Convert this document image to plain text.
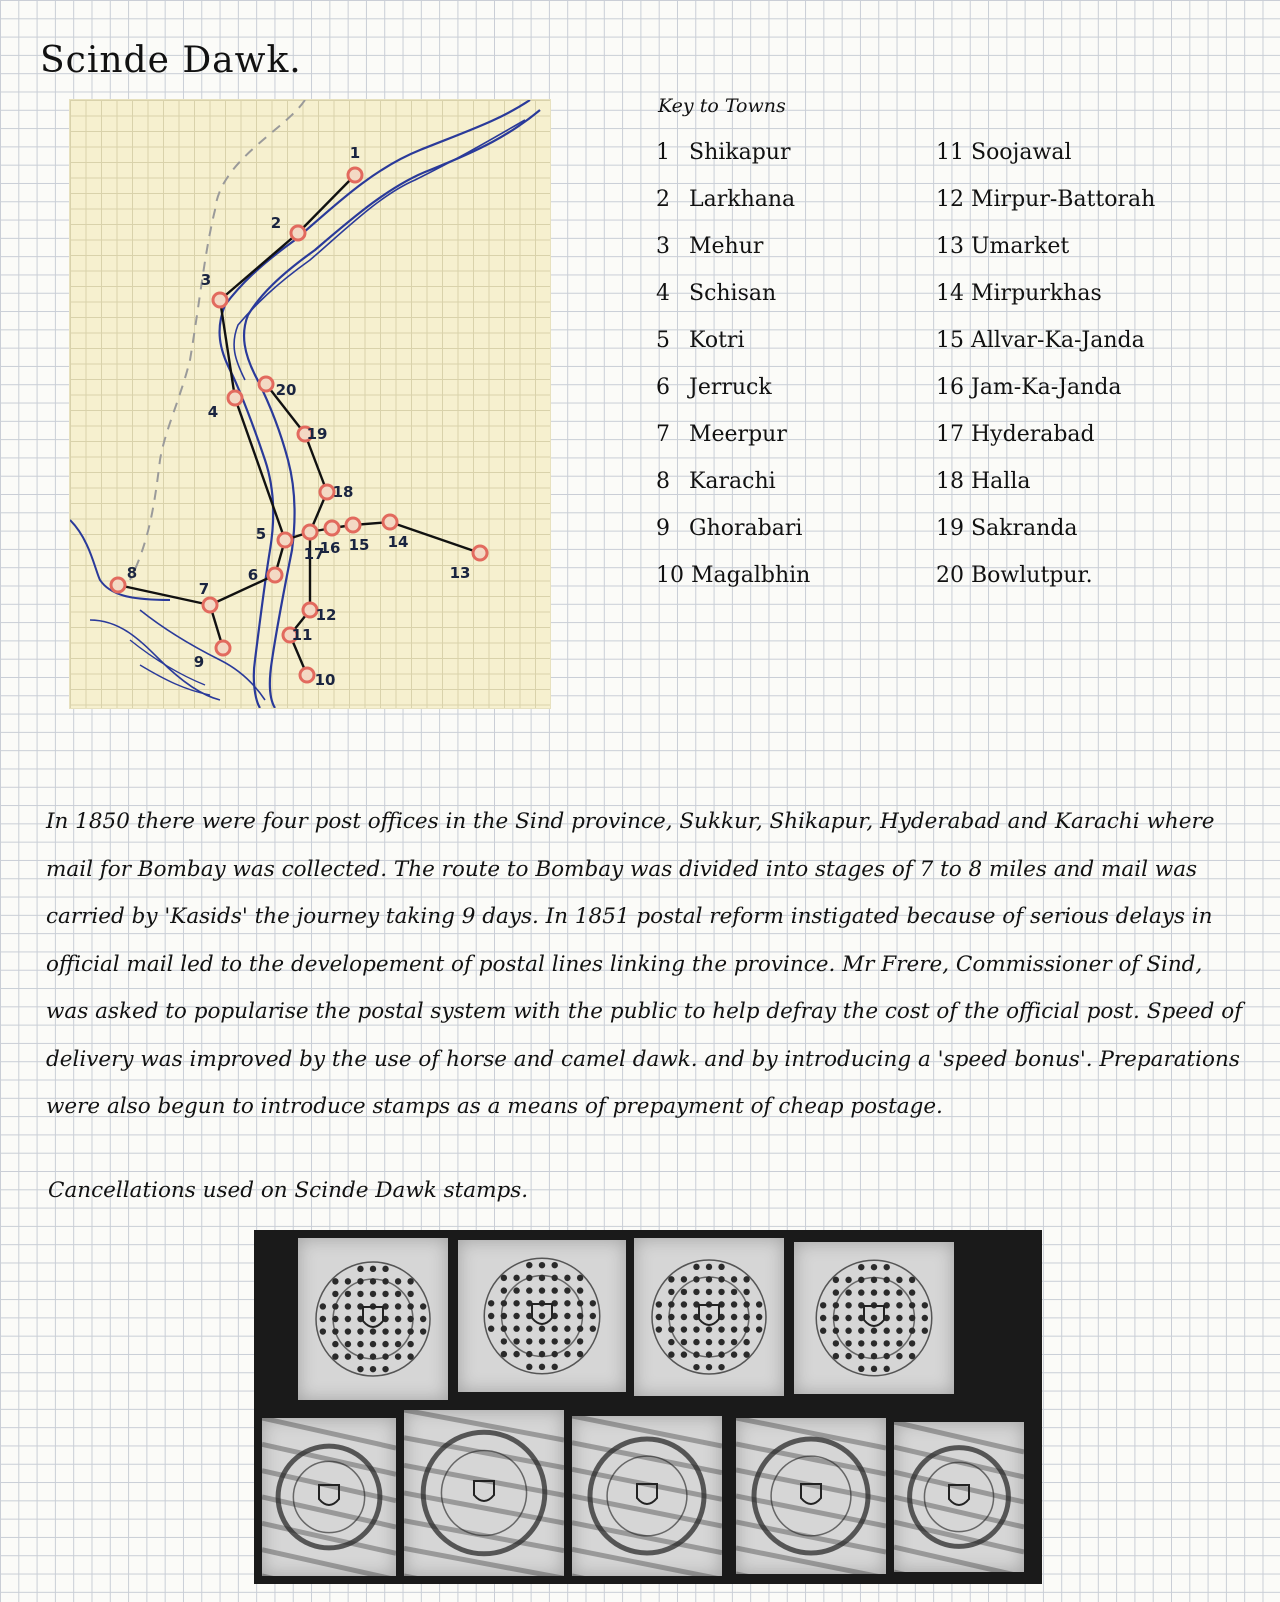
Scinde Dawk.
1
2
3
4
5
6
7
8
9
10
11
12
13
14
15
16
17
18
19
20
Key to Towns
1 Shikapur
2 Larkhana
3 Mehur
4 Schisan
5 Kotri
6 Jerruck
7 Meerpur
8 Karachi
9 Ghorabari
10 Magalbhin
11 Soojawal
12 Mirpur-Battorah
13 Umarket
14 Mirpurkhas
15 Allvar-Ka-Janda
16 Jam-Ka-Janda
17 Hyderabad
18 Halla
19 Sakranda
20 Bowlutpur.

In 1850 there were four post offices in the Sind province, Sukkur, Shikapur, Hyderabad and Karachi where mail for Bombay was collected. The route to Bombay was divided into stages of 7 to 8 miles and mail was carried by 'Kasids' the journey taking 9 days. In 1851 postal reform instigated because of serious delays in official mail led to the developement of postal lines linking the province. Mr Frere, Commissioner of Sind, was asked to popularise the postal system with the public to help defray the cost of the official post. Speed of delivery was improved by the use of horse and camel dawk. and by introducing a 'speed bonus'. Preparations were also begun to introduce stamps as a means of prepayment of cheap postage.

Cancellations used on Scinde Dawk stamps.
